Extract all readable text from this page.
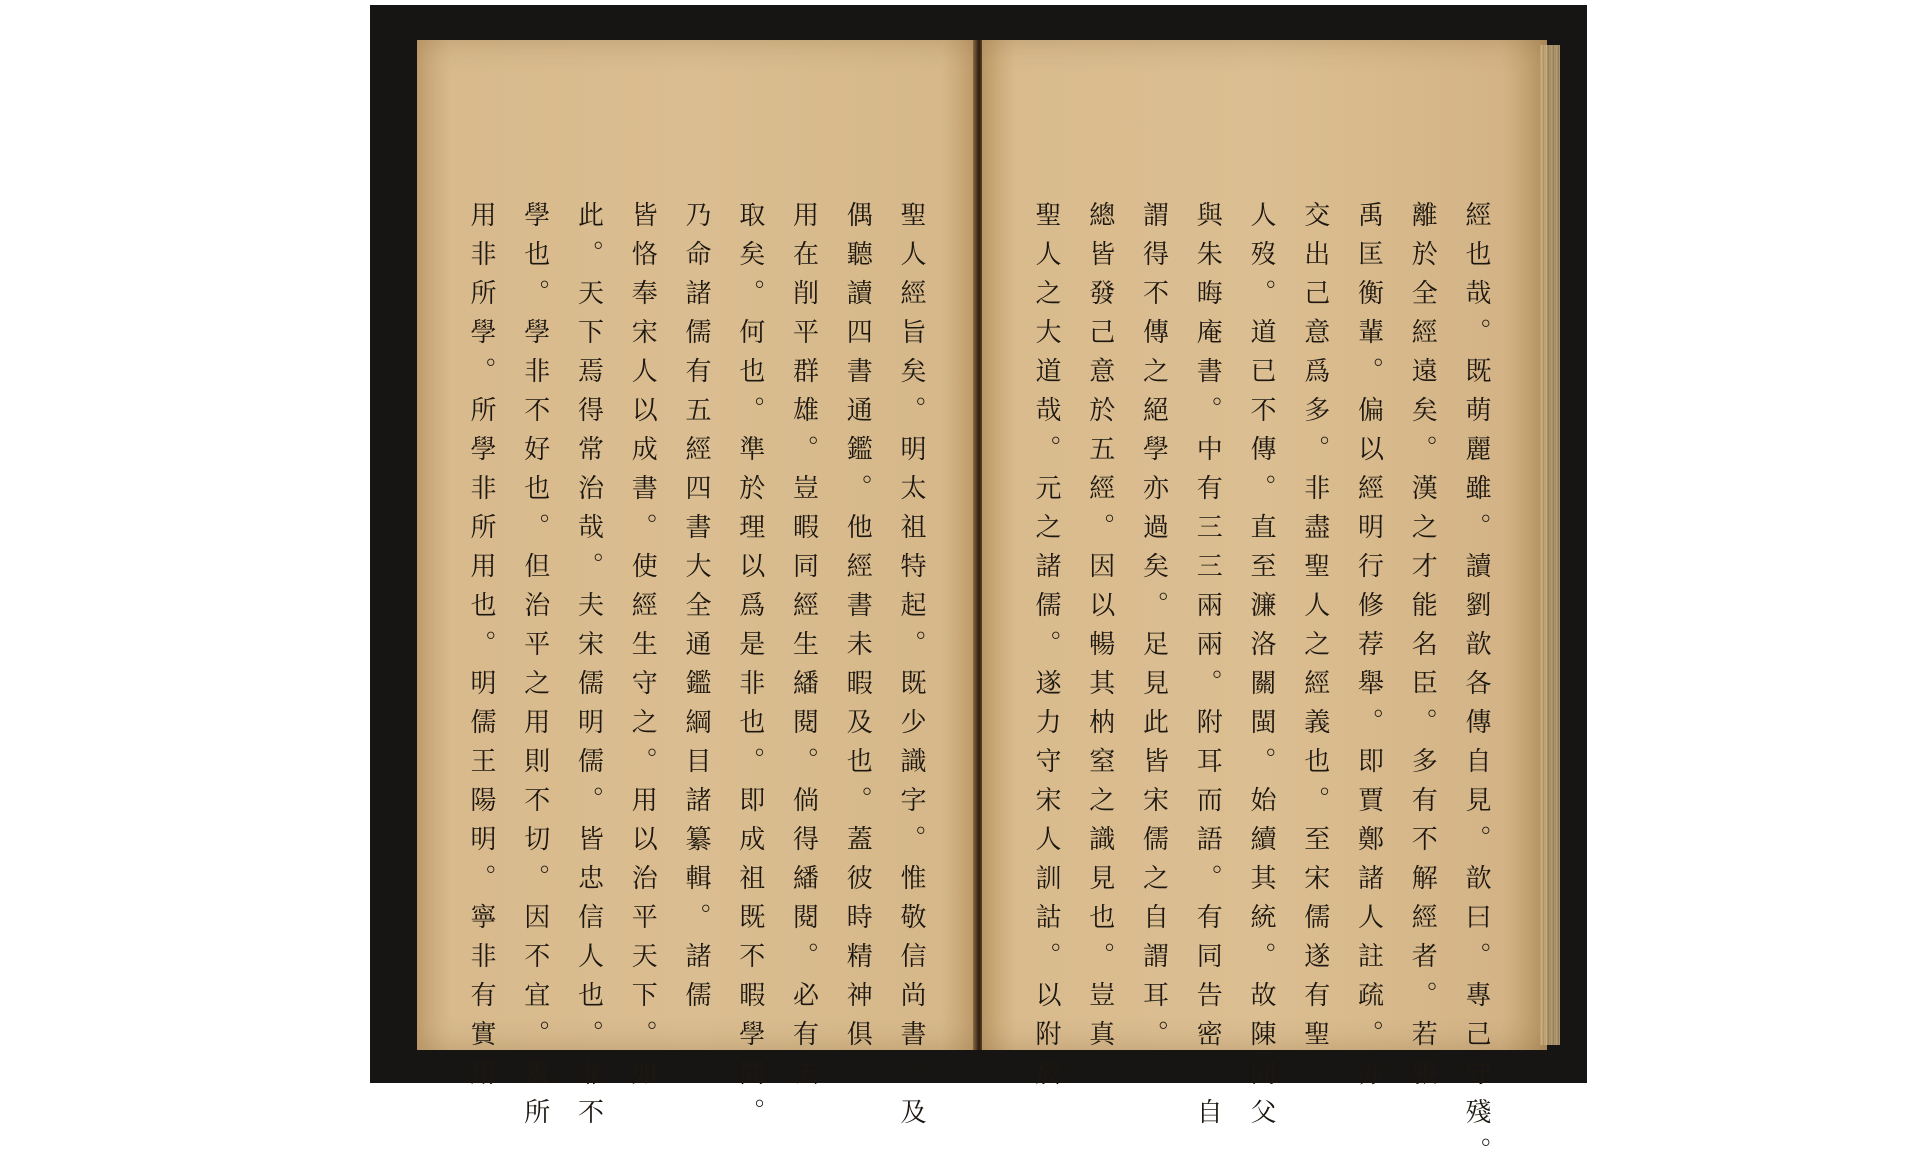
聖人經旨矣。明太祖特起。既少識字。惟敬信尚書。及
偶聽讀四書通鑑。他經書未暇及也。蓋彼時精神俱
用在削平群雄。豈暇同經生繙閱。倘得繙閱。必有去
取矣。何也。準於理以爲是非也。即成祖既不暇學問。
乃命諸儒有五經四書大全通鑑綱目諸纂輯。諸儒
皆恪奉宋人以成書。使經生守之。用以治平天下。如
此。天下焉得常治哉。夫宋儒明儒。皆忠信人也。非不
學也。學非不好也。但治平之用則不切。因不宜。蓋所
用非所學。所學非所用也。明儒王陽明。寧非有實用	經也哉。既萌麗雖。讀劉歆各傳自見。歆曰。專己守殘。
離於全經遠矣。漢之才能名臣。多有不解經者。若張
禹匡衡輩。偏以經明行修荐舉。即賈鄭諸人註疏。亦
交出己意爲多。非盡聖人之經義也。至宋儒遂有聖
人歿。道已不傳。直至濂洛關閩。始續其統。故陳同父
與朱晦庵書。中有三三兩兩。附耳而語。有同告密。自
謂得不傳之絕學亦過矣。足見此皆宋儒之自謂耳。
總皆發己意於五經。因以暢其枘窒之識見也。豈真
聖人之大道哉。元之諸儒。遂力守宋人訓詁。以附於
